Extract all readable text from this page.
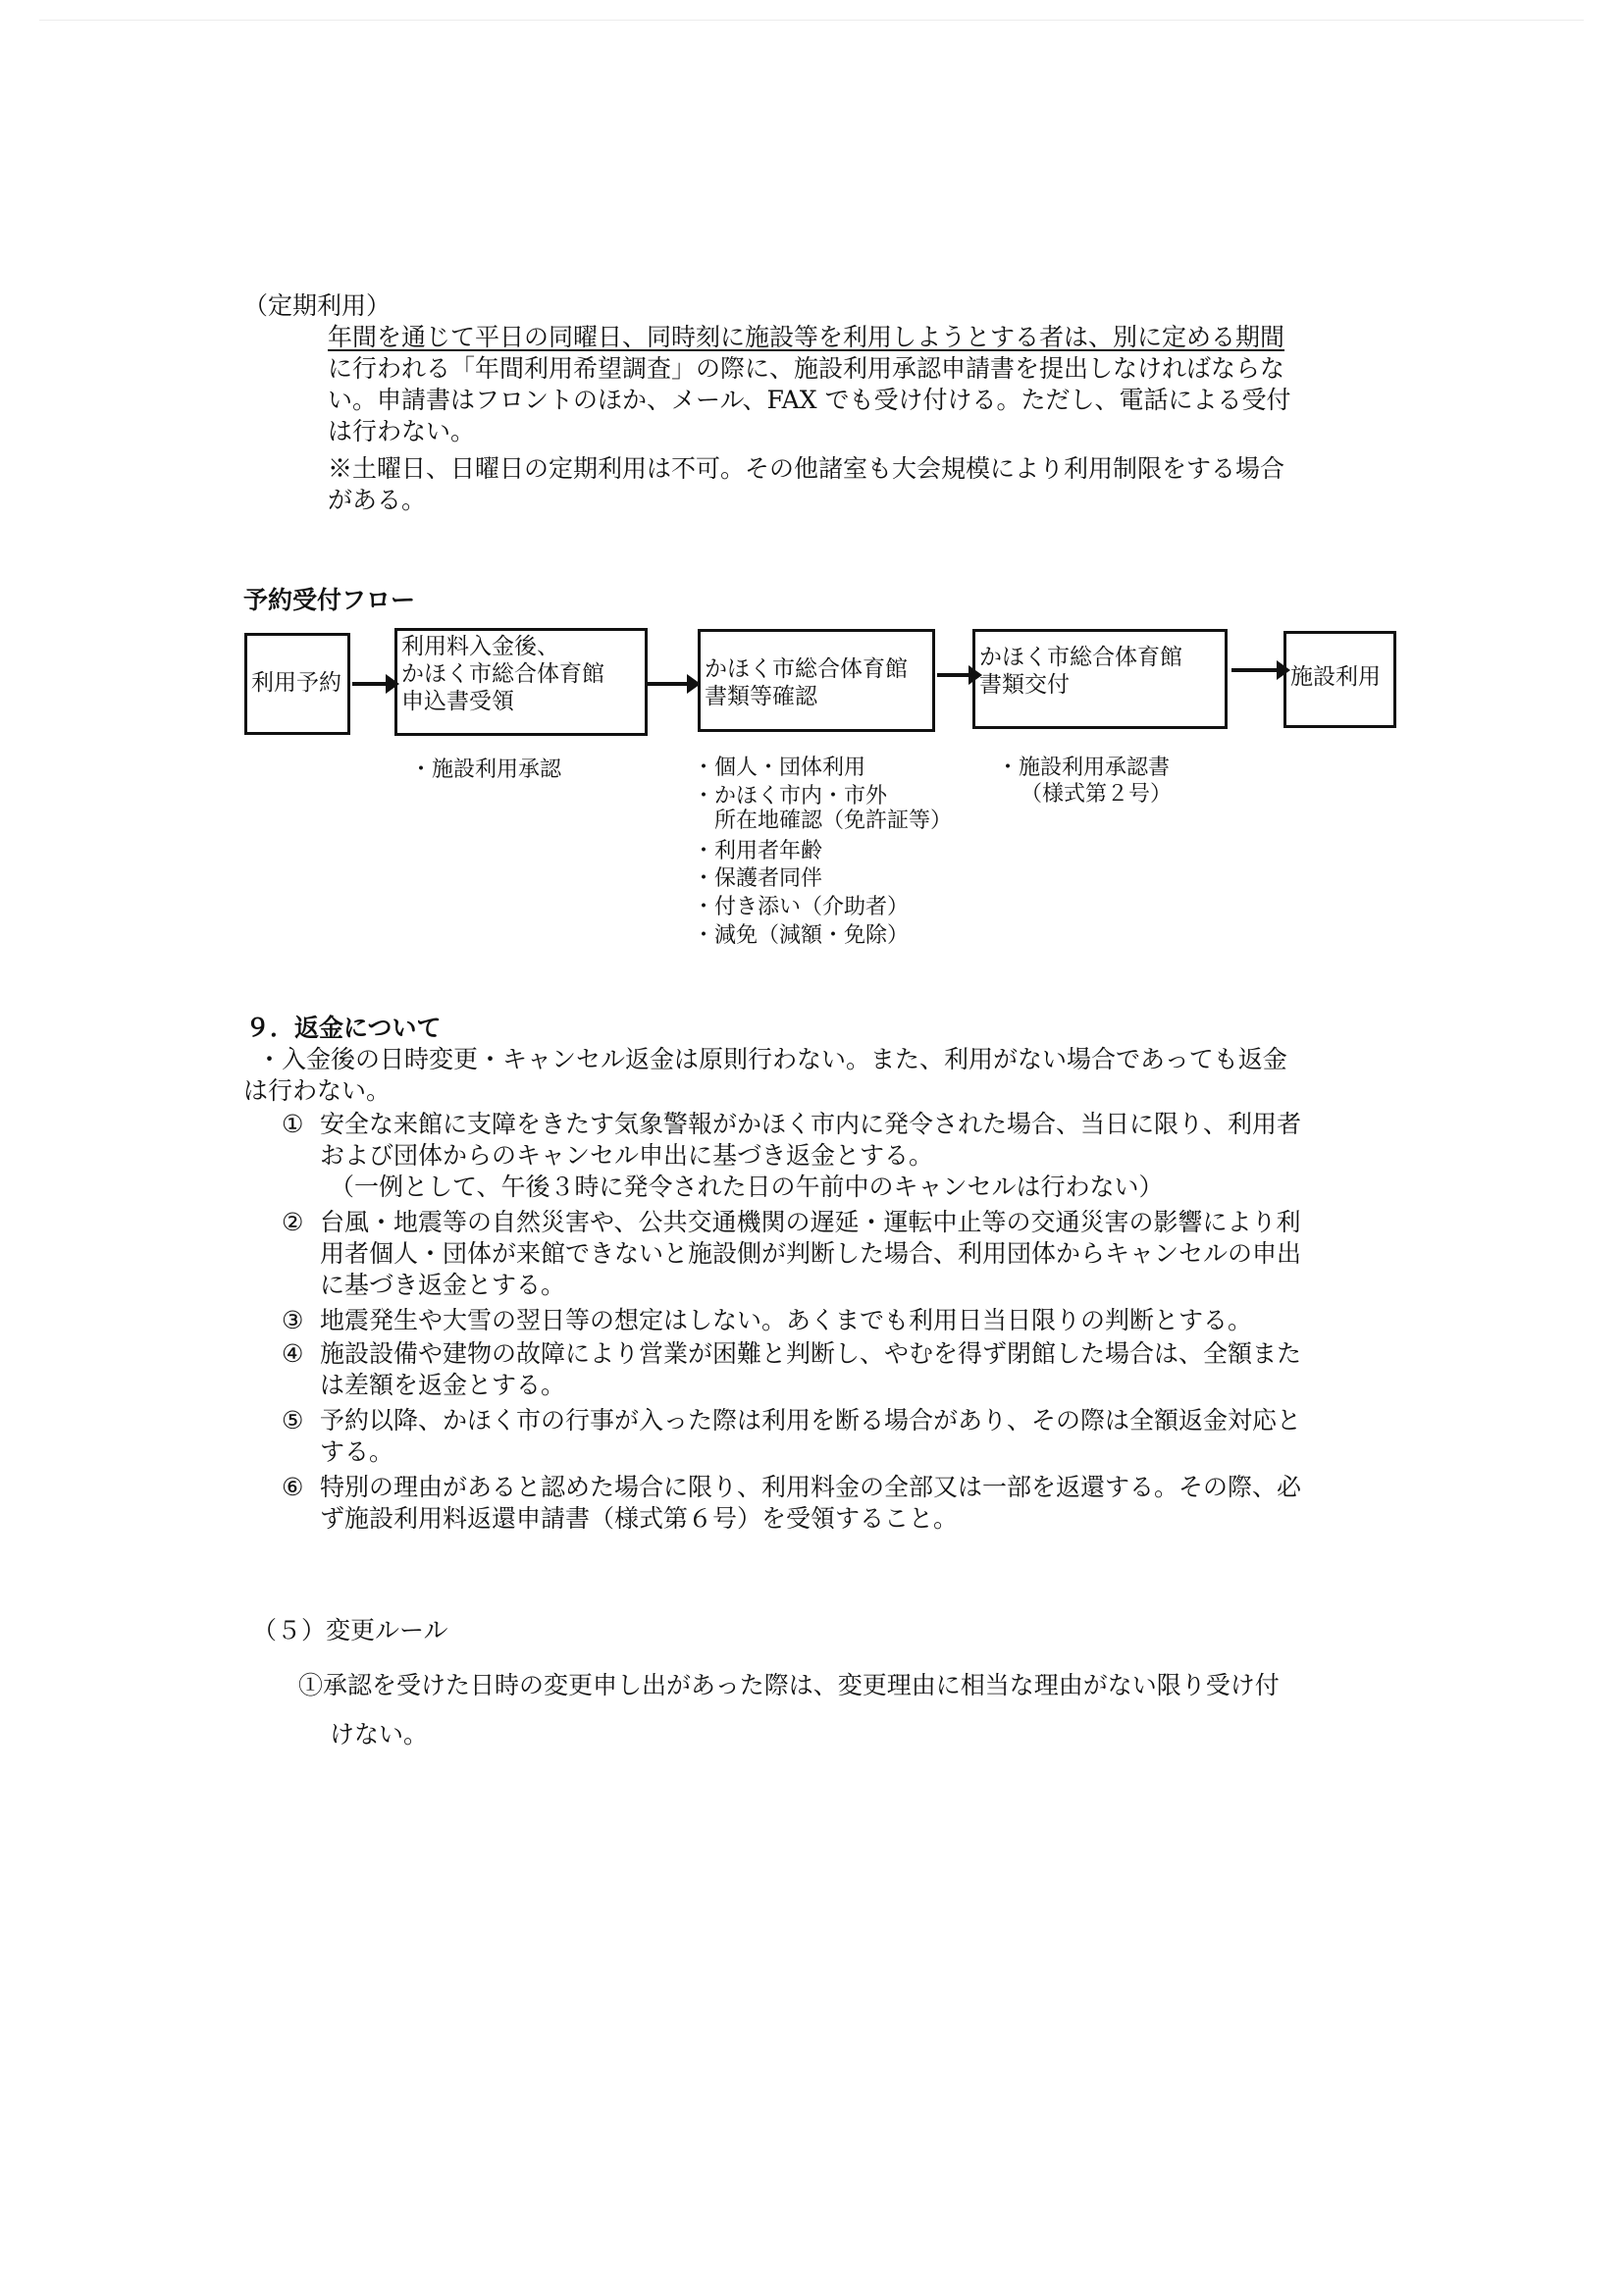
（定期利用）
年間を通じて平日の同曜日、同時刻に施設等を利用しようとする者は、別に定める期間
に行われる「年間利用希望調査」の際に、施設利用承認申請書を提出しなければならな
い。申請書はフロントのほか、メール、FAX でも受け付ける。ただし、電話による受付
は行わない。
※土曜日、日曜日の定期利用は不可。その他諸室も大会規模により利用制限をする場合
がある。
予約受付フロー
利用予約
利用料入金後、
かほく市総合体育館
申込書受領
かほく市総合体育館
書類等確認
かほく市総合体育館
書類交付	施設利用
・施設利用承認	・個人・団体利用
・かほく市内・市外
　所在地確認（免許証等）
・利用者年齢
・保護者同伴
・付き添い（介助者）
・減免（減額・免除）
・施設利用承認書
（様式第２号）
９．返金について
・入金後の日時変更・キャンセル返金は原則行わない。また、利用がない場合であっても返金
は行わない。
① 安全な来館に支障をきたす気象警報がかほく市内に発令された場合、当日に限り、利用者
および団体からのキャンセル申出に基づき返金とする。
（一例として、午後３時に発令された日の午前中のキャンセルは行わない）
② 台風・地震等の自然災害や、公共交通機関の遅延・運転中止等の交通災害の影響により利
用者個人・団体が来館できないと施設側が判断した場合、利用団体からキャンセルの申出
に基づき返金とする。
③ 地震発生や大雪の翌日等の想定はしない。あくまでも利用日当日限りの判断とする。
④ 施設設備や建物の故障により営業が困難と判断し、やむを得ず閉館した場合は、全額また
は差額を返金とする。
⑤ 予約以降、かほく市の行事が入った際は利用を断る場合があり、その際は全額返金対応と
する。
⑥ 特別の理由があると認めた場合に限り、利用料金の全部又は一部を返還する。その際、必
ず施設利用料返還申請書（様式第６号）を受領すること。
（５）変更ルール
①承認を受けた日時の変更申し出があった際は、変更理由に相当な理由がない限り受け付
けない。
